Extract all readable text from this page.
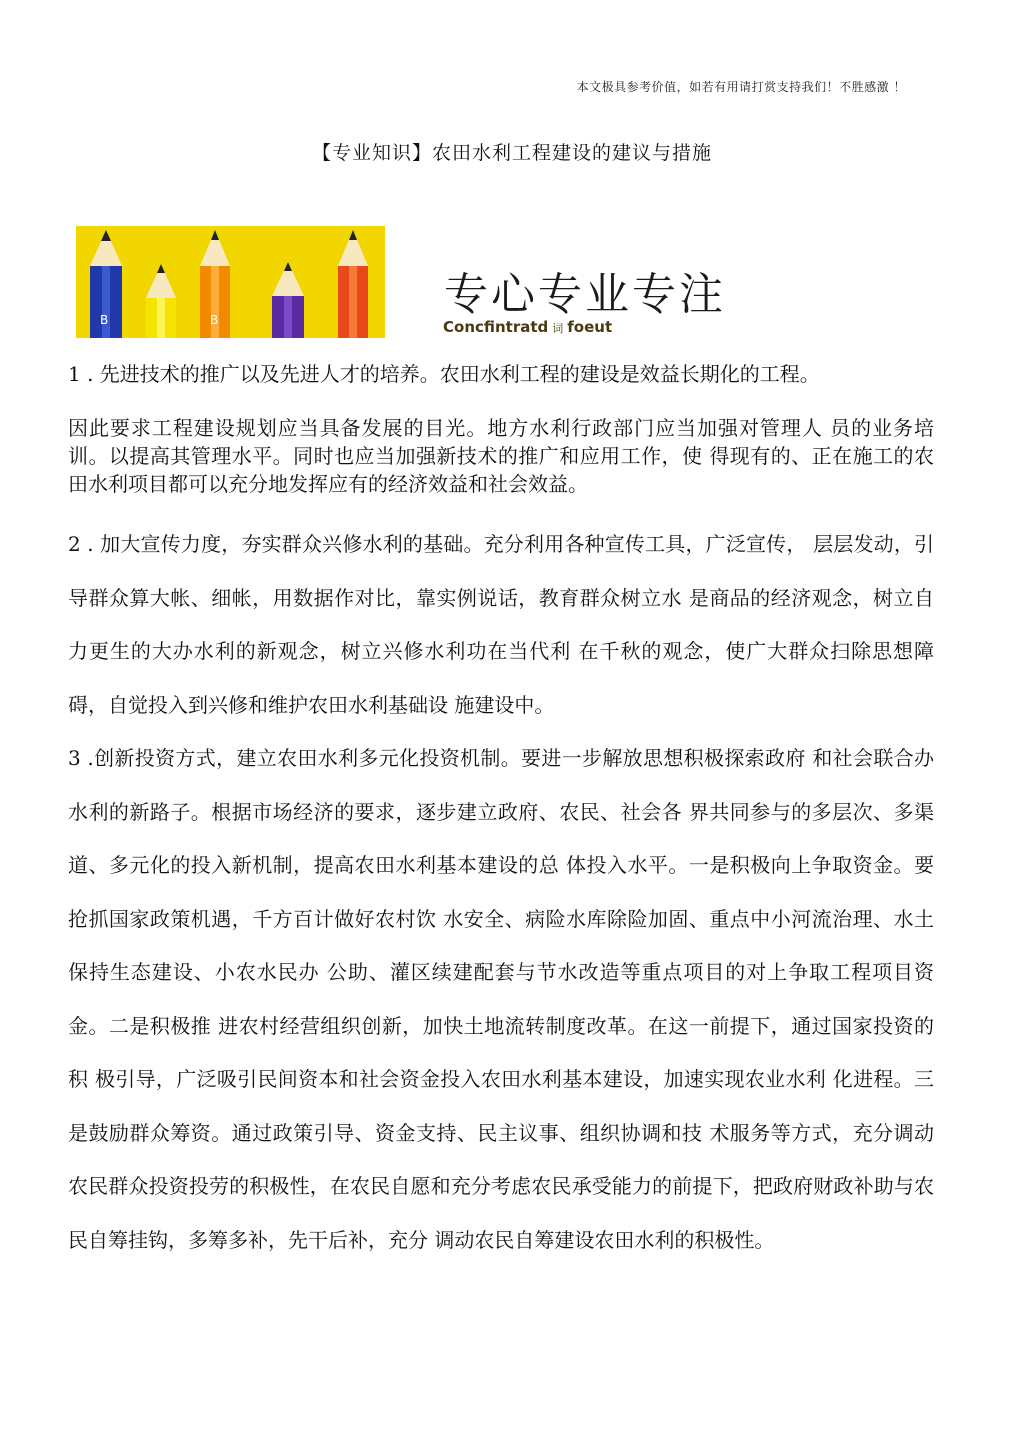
本文极具参考价值，如若有用请打赏支持我们！不胜感激 ！
【专业知识】农田水利工程建设的建议与措施
B	B	专心专业专注
Concfintratd 词 foeut

1 . 先进技术的推广以及先进人才的培养。农田水利工程的建设是效益长期化的工程。

因此要求工程建设规划应当具备发展的目光。地方水利行政部门应当加强对管理人 员的业务培训。以提高其管理水平。同时也应当加强新技术的推广和应用工作，使 得现有的、正在施工的农田水利项目都可以充分地发挥应有的经济效益和社会效益。

2 . 加大宣传力度，夯实群众兴修水利的基础。充分利用各种宣传工具，广泛宣传， 层层发动，引导群众算大帐、细帐，用数据作对比，靠实例说话，教育群众树立水 是商品的经济观念，树立自力更生的大办水利的新观念，树立兴修水利功在当代利 在千秋的观念，使广大群众扫除思想障碍，自觉投入到兴修和维护农田水利基础设 施建设中。

3 .创新投资方式，建立农田水利多元化投资机制。要进一步解放思想积极探索政府 和社会联合办水利的新路子。根据市场经济的要求，逐步建立政府、农民、社会各 界共同参与的多层次、多渠道、多元化的投入新机制，提高农田水利基本建设的总 体投入水平。一是积极向上争取资金。要抢抓国家政策机遇，千方百计做好农村饮 水安全、病险水库除险加固、重点中小河流治理、水土保持生态建设、小农水民办 公助、灌区续建配套与节水改造等重点项目的对上争取工程项目资金。二是积极推 进农村经营组织创新，加快土地流转制度改革。在这一前提下，通过国家投资的积 极引导，广泛吸引民间资本和社会资金投入农田水利基本建设，加速实现农业水利 化进程。三是鼓励群众筹资。通过政策引导、资金支持、民主议事、组织协调和技 术服务等方式，充分调动农民群众投资投劳的积极性，在农民自愿和充分考虑农民承受能力的前提下，把政府财政补助与农民自筹挂钩，多筹多补，先干后补，充分 调动农民自筹建设农田水利的积极性。
